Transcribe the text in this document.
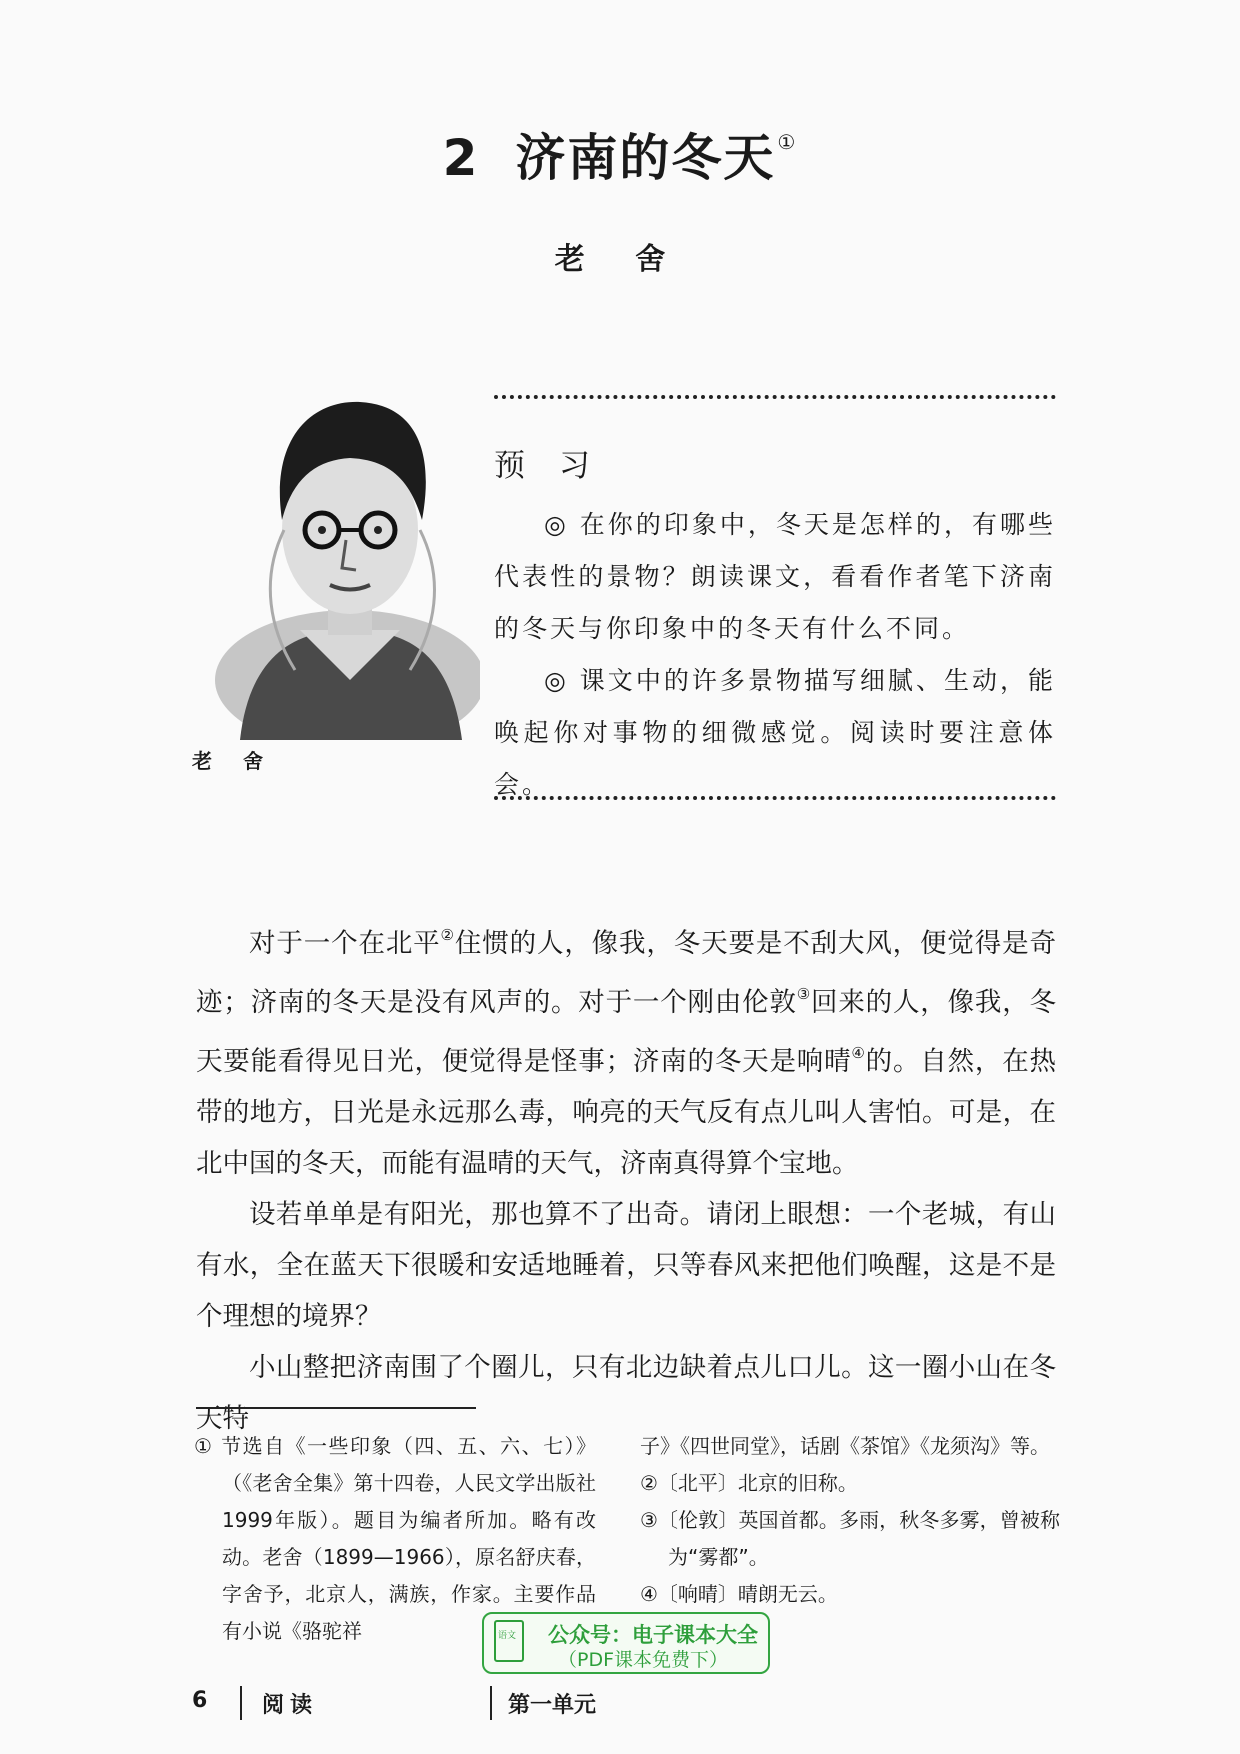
2 济南的冬天 ①
老 舍
老 舍
预 习

◎ 在你的印象中，冬天是怎样的，有哪些代表性的景物？朗读课文，看看作者笔下济南的冬天与你印象中的冬天有什么不同。

◎ 课文中的许多景物描写细腻、生动，能唤起你对事物的细微感觉。阅读时要注意体会。

对于一个在北平②住惯的人，像我，冬天要是不刮大风，便觉得是奇迹；济南的冬天是没有风声的。对于一个刚由伦敦③回来的人，像我，冬天要能看得见日光，便觉得是怪事；济南的冬天是响晴④的。自然，在热带的地方，日光是永远那么毒，响亮的天气反有点儿叫人害怕。可是，在北中国的冬天，而能有温晴的天气，济南真得算个宝地。

设若单单是有阳光，那也算不了出奇。请闭上眼想：一个老城，有山有水，全在蓝天下很暖和安适地睡着，只等春风来把他们唤醒，这是不是个理想的境界？

小山整把济南围了个圈儿，只有北边缺着点儿口儿。这一圈小山在冬天特

① 节选自《一些印象（四、五、六、七）》（《老舍全集》第十四卷，人民文学出版社1999年版）。题目为编者所加。略有改动。老舍（1899—1966），原名舒庆春，字舍予，北京人，满族，作家。主要作品有小说《骆驼祥
子》《四世同堂》，话剧《茶馆》《龙须沟》等。
②〔北平〕北京的旧称。
③〔伦敦〕英国首都。多雨，秋冬多雾，曾被称为“雾都”。
④〔响晴〕晴朗无云。
语文 公众号：电子课本大全
（PDF课本免费下）
6 阅读	第一单元
